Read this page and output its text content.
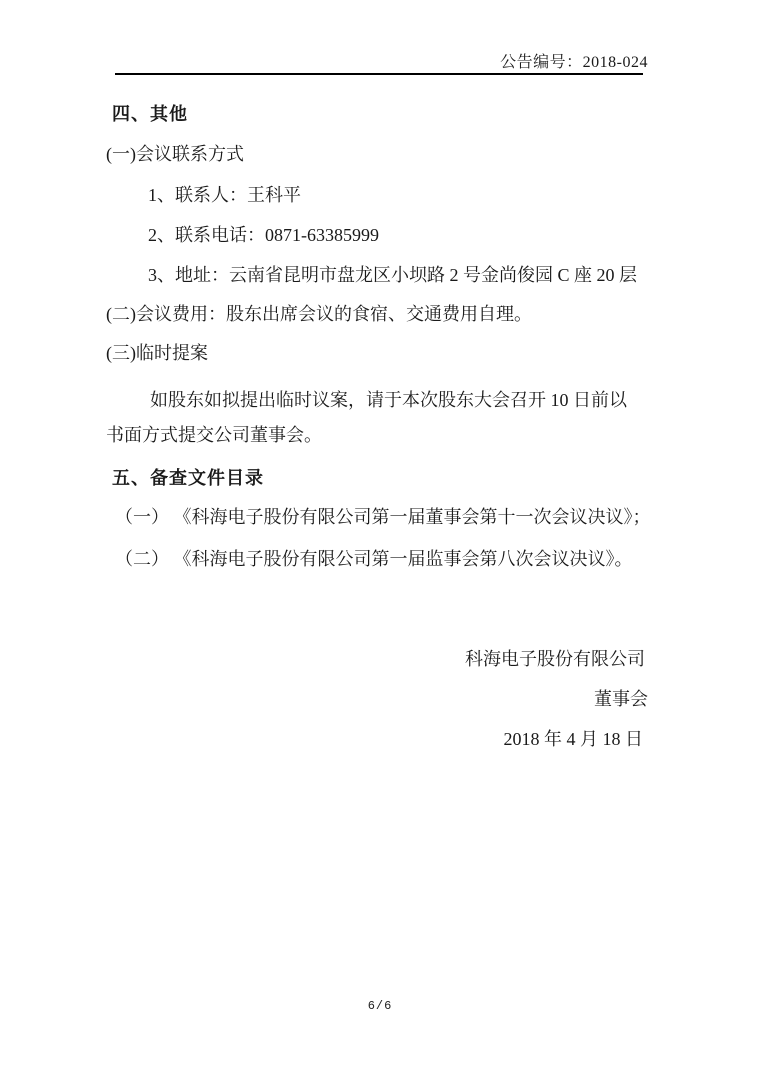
公告编号：2018-024
四、其他
(一)会议联系方式
1、联系人：王科平
2、联系电话：0871-63385999
3、地址：云南省昆明市盘龙区小坝路 2 号金尚俊园 C 座 20 层
(二)会议费用：股东出席会议的食宿、交通费用自理。
(三)临时提案
如股东如拟提出临时议案，请于本次股东大会召开 10 日前以
书面方式提交公司董事会。
五、备查文件目录
（一） 《科海电子股份有限公司第一届董事会第十一次会议决议》；
（二） 《科海电子股份有限公司第一届监事会第八次会议决议》。
科海电子股份有限公司
董事会
2018 年 4 月 18 日
6/6
